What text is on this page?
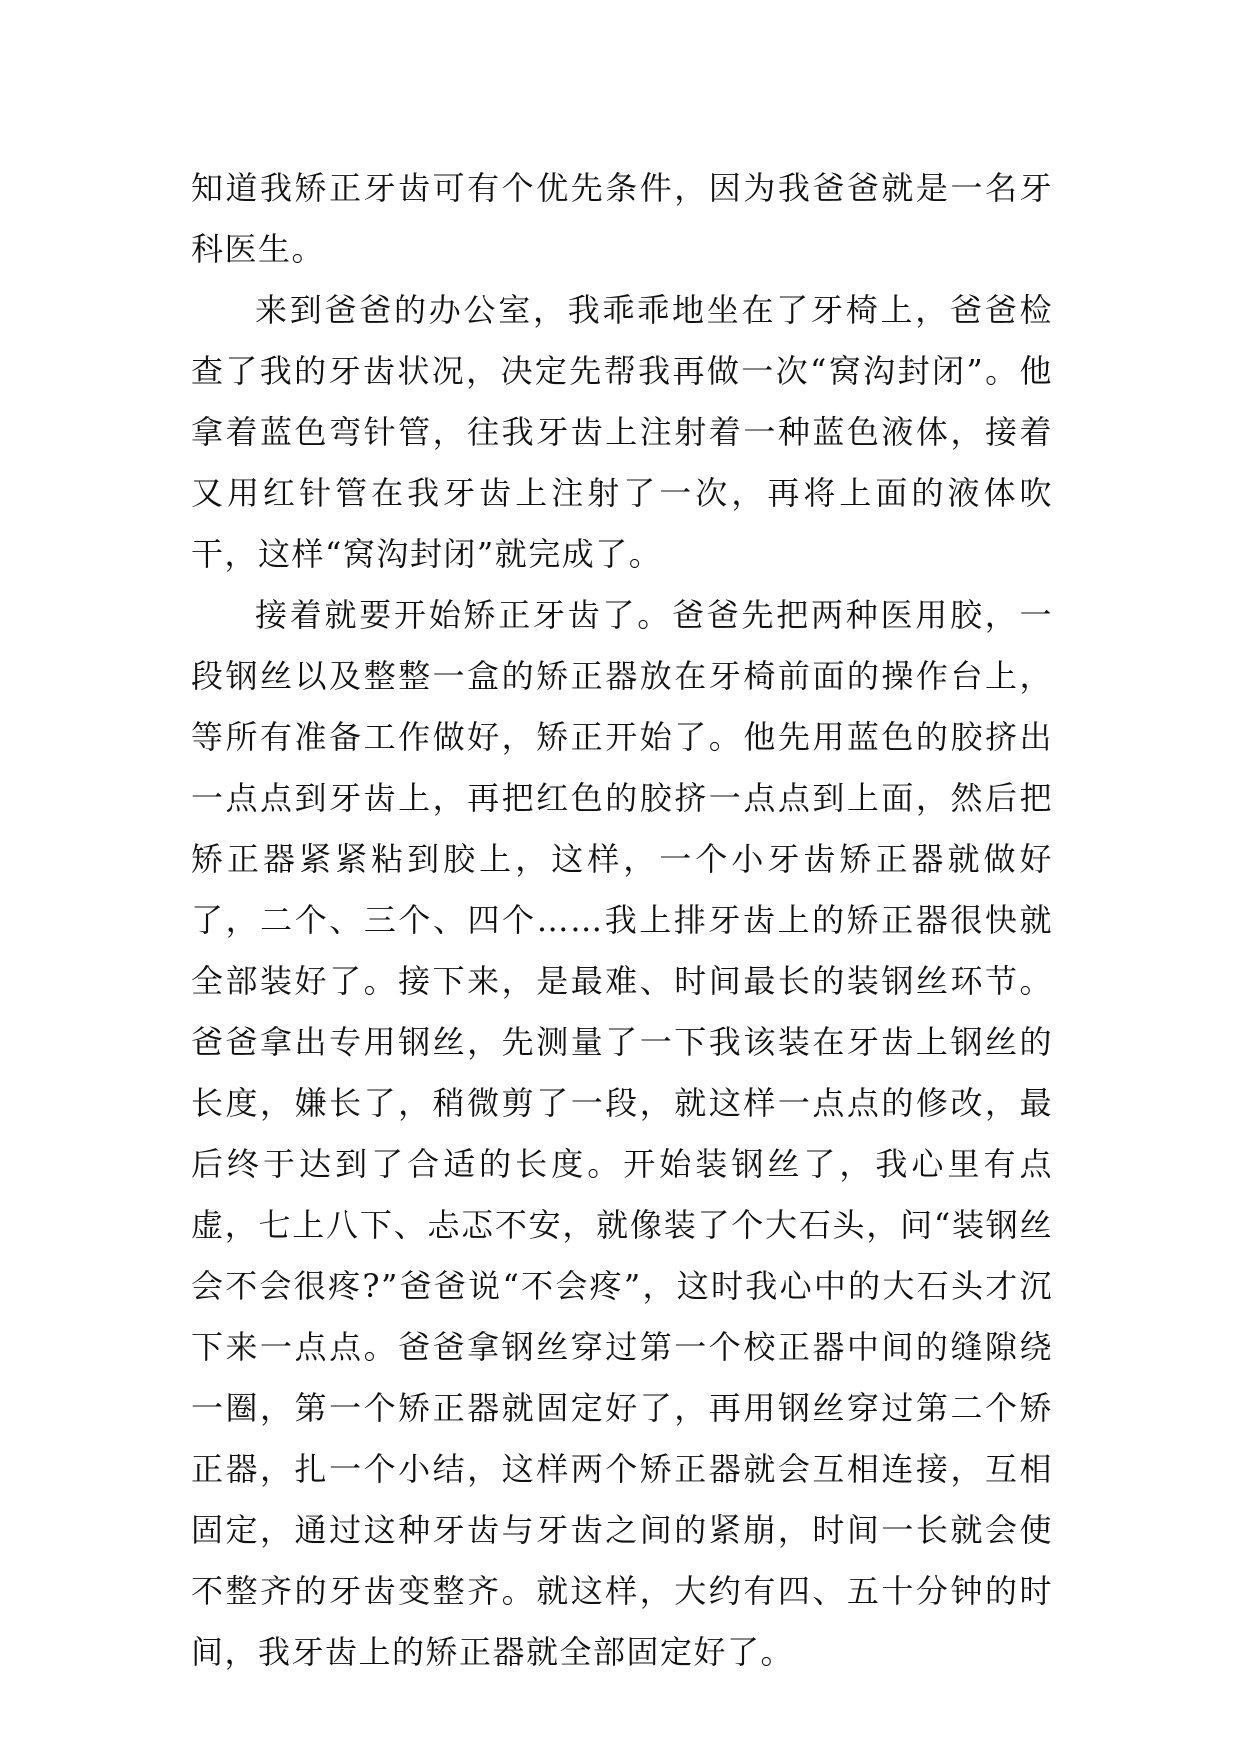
知道我矫正牙齿可有个优先条件，因为我爸爸就是一名牙科医生。

来到爸爸的办公室，我乖乖地坐在了牙椅上，爸爸检查了我的牙齿状况，决定先帮我再做一次“窝沟封闭”。他拿着蓝色弯针管，往我牙齿上注射着一种蓝色液体，接着又用红针管在我牙齿上注射了一次，再将上面的液体吹干，这样“窝沟封闭”就完成了。

接着就要开始矫正牙齿了。爸爸先把两种医用胶，一段钢丝以及整整一盒的矫正器放在牙椅前面的操作台上，等所有准备工作做好，矫正开始了。他先用蓝色的胶挤出一点点到牙齿上，再把红色的胶挤一点点到上面，然后把矫正器紧紧粘到胶上，这样，一个小牙齿矫正器就做好了，二个、三个、四个……我上排牙齿上的矫正器很快就全部装好了。接下来，是最难、时间最长的装钢丝环节。爸爸拿出专用钢丝，先测量了一下我该装在牙齿上钢丝的长度，嫌长了，稍微剪了一段，就这样一点点的修改，最后终于达到了合适的长度。开始装钢丝了，我心里有点虚，七上八下、忐忑不安，就像装了个大石头，问“装钢丝会不会很疼?”爸爸说“不会疼”，这时我心中的大石头才沉下来一点点。爸爸拿钢丝穿过第一个校正器中间的缝隙绕一圈，第一个矫正器就固定好了，再用钢丝穿过第二个矫正器，扎一个小结，这样两个矫正器就会互相连接，互相固定，通过这种牙齿与牙齿之间的紧崩，时间一长就会使不整齐的牙齿变整齐。就这样，大约有四、五十分钟的时间，我牙齿上的矫正器就全部固定好了。
